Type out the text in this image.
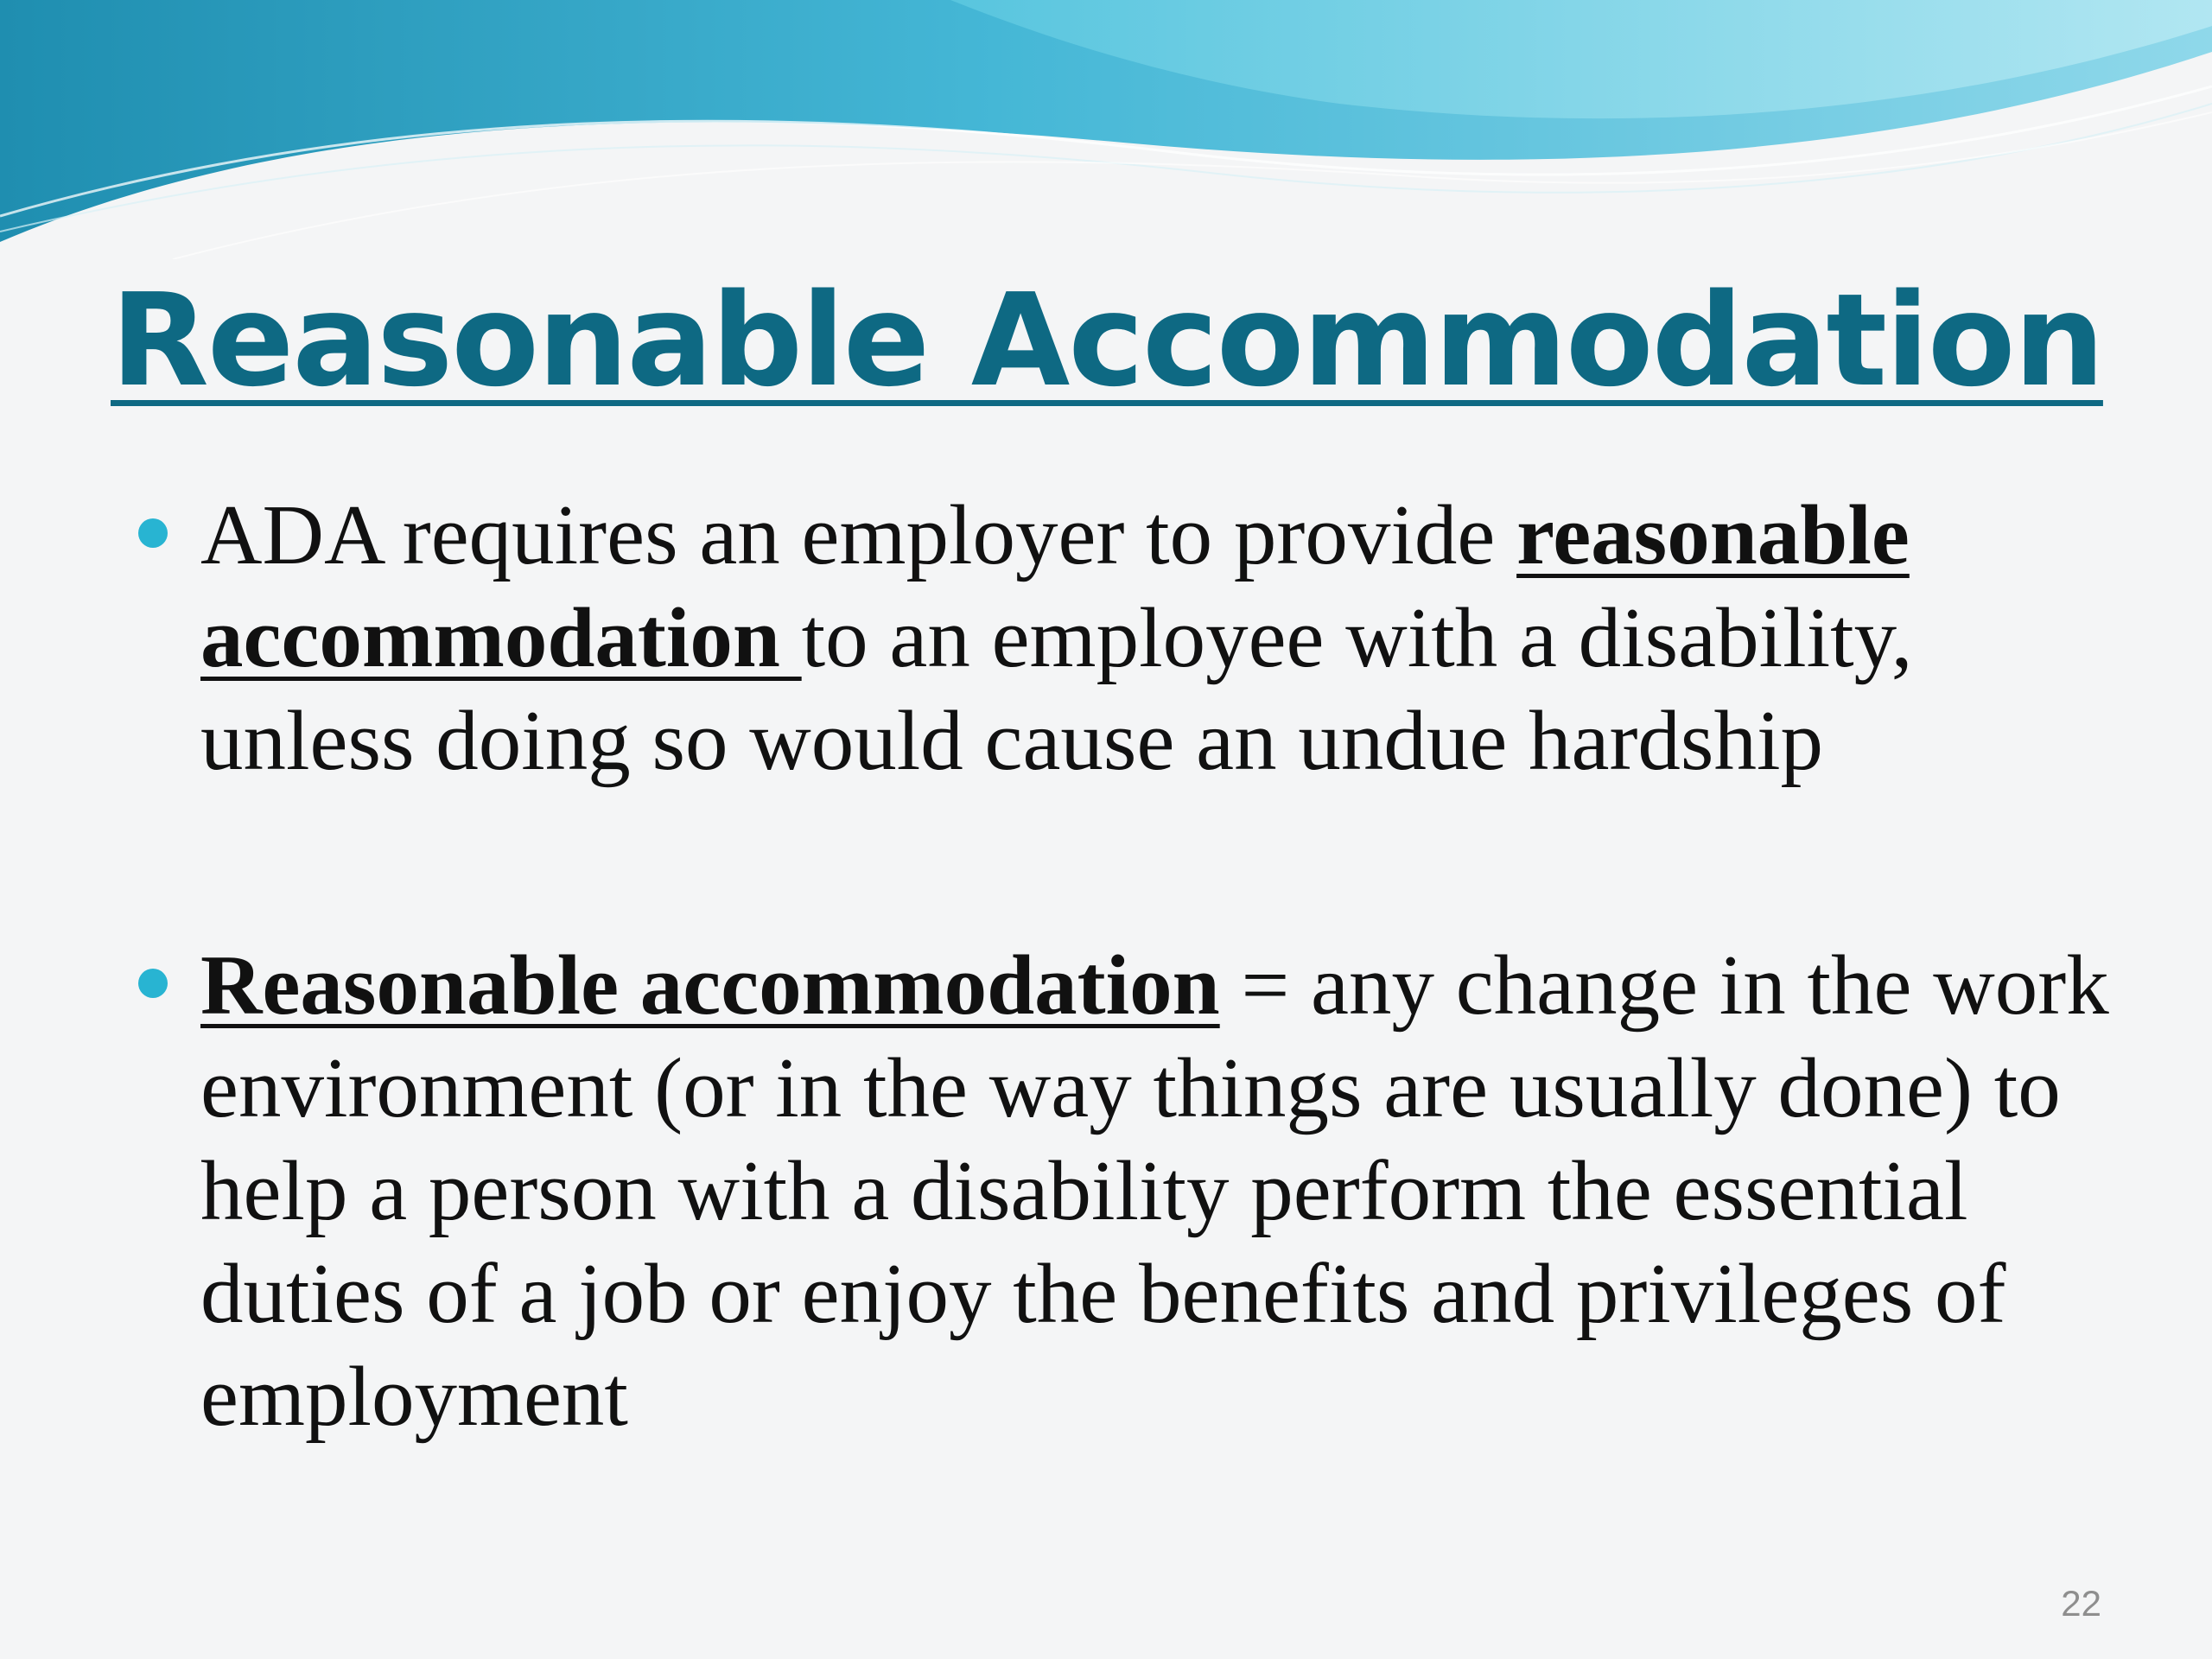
Reasonable Accommodation
ADA requires an employer to provide reasonable accommodation to an employee with a disability, unless doing so would cause an undue hardship
Reasonable accommodation = any change in the work environment (or in the way things are usually done) to help a person with a disability perform the essential duties of a job or enjoy the benefits and privileges of employment
22
